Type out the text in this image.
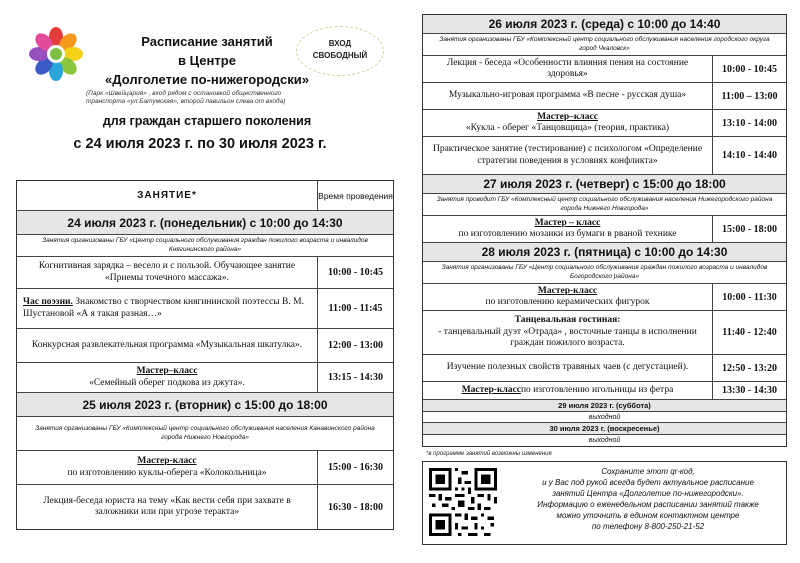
ВХОД
СВОБОДНЫЙ
Расписание занятий
в Центре
«Долголетие по-нижегородски»
(Парк «Швейцария» , вход рядом с остановкой общественного транспорта «ул.Батумская», второй павильон слева от входа)
для граждан старшего поколения
с 24 июля 2023 г. по 30 июля 2023 г.
ЗАНЯТИЕ*	Время проведения
24 июля 2023 г. (понедельник) с 10:00 до 14:30
Занятия организованы ГБУ «Центр социального обслуживания граждан пожилого возраста и инвалидов Княгининского района»
Когнитивная зарядка – весело и с пользой. Обучающее занятие «Приемы точечного массажа».	10:00 - 10:45
Час поэзии. Знакомство с творчеством княгининской поэтессы В. М. Шустановой «А я такая разная…»	11:00 - 11:45
Конкурсная развлекательная программа «Музыкальная шкатулка».	12:00 - 13:00
Мастер–класс
«Семейный оберег подкова из джута».	13:15 - 14:30
25 июля 2023 г. (вторник) с 15:00 до 18:00
Занятия организованы ГБУ «Комплексный центр социального обслуживания населения Канавинского района города Нижнего Новгорода»
Мастер-класс
по изготовлению куклы-оберега «Колокольница»	15:00 - 16:30
Лекция-беседа юриста на тему «Как вести себя при захвате в заложники или при угрозе теракта»	16:30 - 18:00
26 июля 2023 г. (среда) с 10:00 до 14:40
Занятия организованы ГБУ «Комплексный центр социального обслуживания населения городского округа город Чкаловск»
Лекция - беседа «Особенности влияния пения на состояние здоровья»	10:00 - 10:45
Музыкально-игровая программа «В песне - русская душа»	11:00 – 13:00
Мастер–класс
«Кукла - оберег «Танцовщица» (теория, практика)	13:10 - 14:00
Практическое занятие (тестирование) с психологом «Определение стратегии поведения в условиях конфликта»	14:10 - 14:40
27 июля 2023 г. (четверг) с 15:00 до 18:00
Занятия проводит ГБУ «Комплексный центр социального обслуживания населения Нижегородского района города Нижнего Новгорода»
Мастер – класс
по изготовлению мозаики из бумаги в рваной технике	15:00 - 18:00
28 июля 2023 г. (пятница) с 10:00 до 14:30
Занятия организованы ГБУ «Центр социального обслуживания граждан пожилого возраста и инвалидов Богородского района»
Мастер-класс
по изготовлению керамических фигурок	10:00 - 11:30
Танцевальная гостиная:
- танцевальный дуэт «Отрада» , восточные танцы в исполнении граждан пожилого возраста.
11:40 - 12:40
Изучение полезных свойств травяных чаев (с дегустацией).	12:50 - 13:20
Мастер-класс по изготовлению игольницы из фетра	13:30 - 14:30
29 июля 2023 г. (суббота)
выходной
30 июля 2023 г. (воскресенье)
выходной
*в программе занятий возможны изменения
Сохраните этот qr-код,
и у Вас под рукой всегда будет актуальное расписание
занятий Центра «Долголетие по-нижегородски».
Информацию о еженедельном расписании занятий также
можно уточнить в едином контактном центре
по телефону 8-800-250-21-52
